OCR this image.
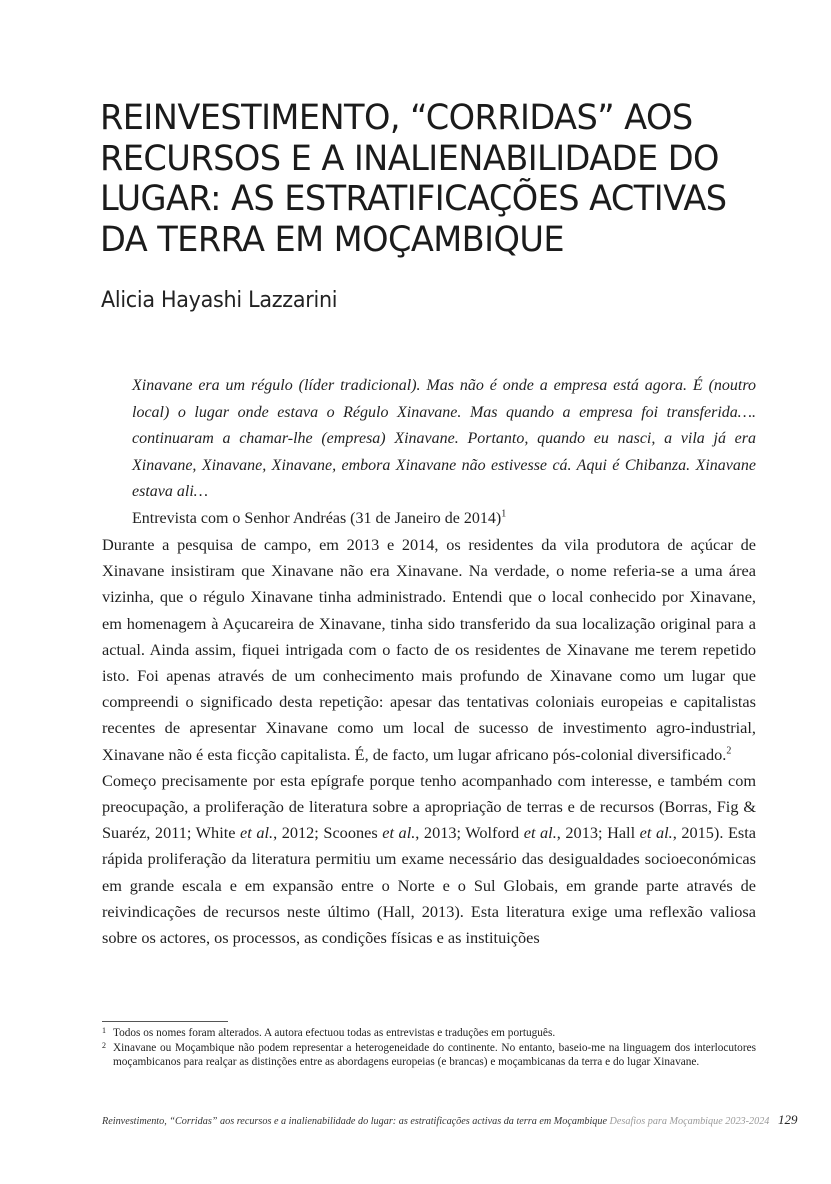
REINVESTIMENTO, “CORRIDAS” AOS
RECURSOS E A INALIENABILIDADE DO
LUGAR: AS ESTRATIFICAÇÕES ACTIVAS
DA TERRA EM MOÇAMBIQUE
Alicia Hayashi Lazzarini
Xinavane era um régulo (líder tradicional). Mas não é onde a empresa está agora. É (noutro local) o lugar onde estava o Régulo Xinavane. Mas quando a empresa foi transferida…. continuaram a chamar-lhe (empresa) Xinavane. Portanto, quando eu nasci, a vila já era Xinavane, Xinavane, Xinavane, embora Xinavane não estivesse cá. Aqui é Chibanza. Xinavane estava ali…
Entrevista com o Senhor Andréas (31 de Janeiro de 2014)$^1$

Durante a pesquisa de campo, em 2013 e 2014, os residentes da vila produtora de açúcar de Xinavane insistiram que Xinavane não era Xinavane. Na verdade, o nome referia-se a uma área vizinha, que o régulo Xinavane tinha administrado. Entendi que o local conhecido por Xinavane, em homenagem à Açucareira de Xinavane, tinha sido transferido da sua localização original para a actual. Ainda assim, fiquei intrigada com o facto de os residentes de Xinavane me terem repetido isto. Foi apenas através de um conhecimento mais profundo de Xinavane como um lugar que compreendi o significado desta repetição: apesar das tentativas coloniais europeias e capitalistas recentes de apresentar Xinavane como um local de sucesso de investimento agro-industrial, Xinavane não é esta ficção capitalista. É, de facto, um lugar africano pós-colonial diversificado.$^2$

Começo precisamente por esta epígrafe porque tenho acompanhado com interesse, e também com preocupação, a proliferação de literatura sobre a apropriação de terras e de recursos (Borras, Fig & Suaréz, 2011; White et al., 2012; Scoones et al., 2013; Wolford et al., 2013; Hall et al., 2015). Esta rápida proliferação da literatura permitiu um exame necessário das desigualdades socioeconómicas em grande escala e em expansão entre o Norte e o Sul Globais, em grande parte através de reivindicações de recursos neste último (Hall, 2013). Esta literatura exige uma reflexão valiosa sobre os actores, os processos, as condições físicas e as instituições

1 Todos os nomes foram alterados. A autora efectuou todas as entrevistas e traduções em português.
2 Xinavane ou Moçambique não podem representar a heterogeneidade do continente. No entanto, baseio-me na linguagem dos interlocutores moçambicanos para realçar as distinções entre as abordagens europeias (e brancas) e moçambicanas da terra e do lugar Xinavane.
Reinvestimento, “Corridas” aos recursos e a inalienabilidade do lugar: as estratificações activas da terra em Moçambique Desafios para Moçambique 2023-2024 129
